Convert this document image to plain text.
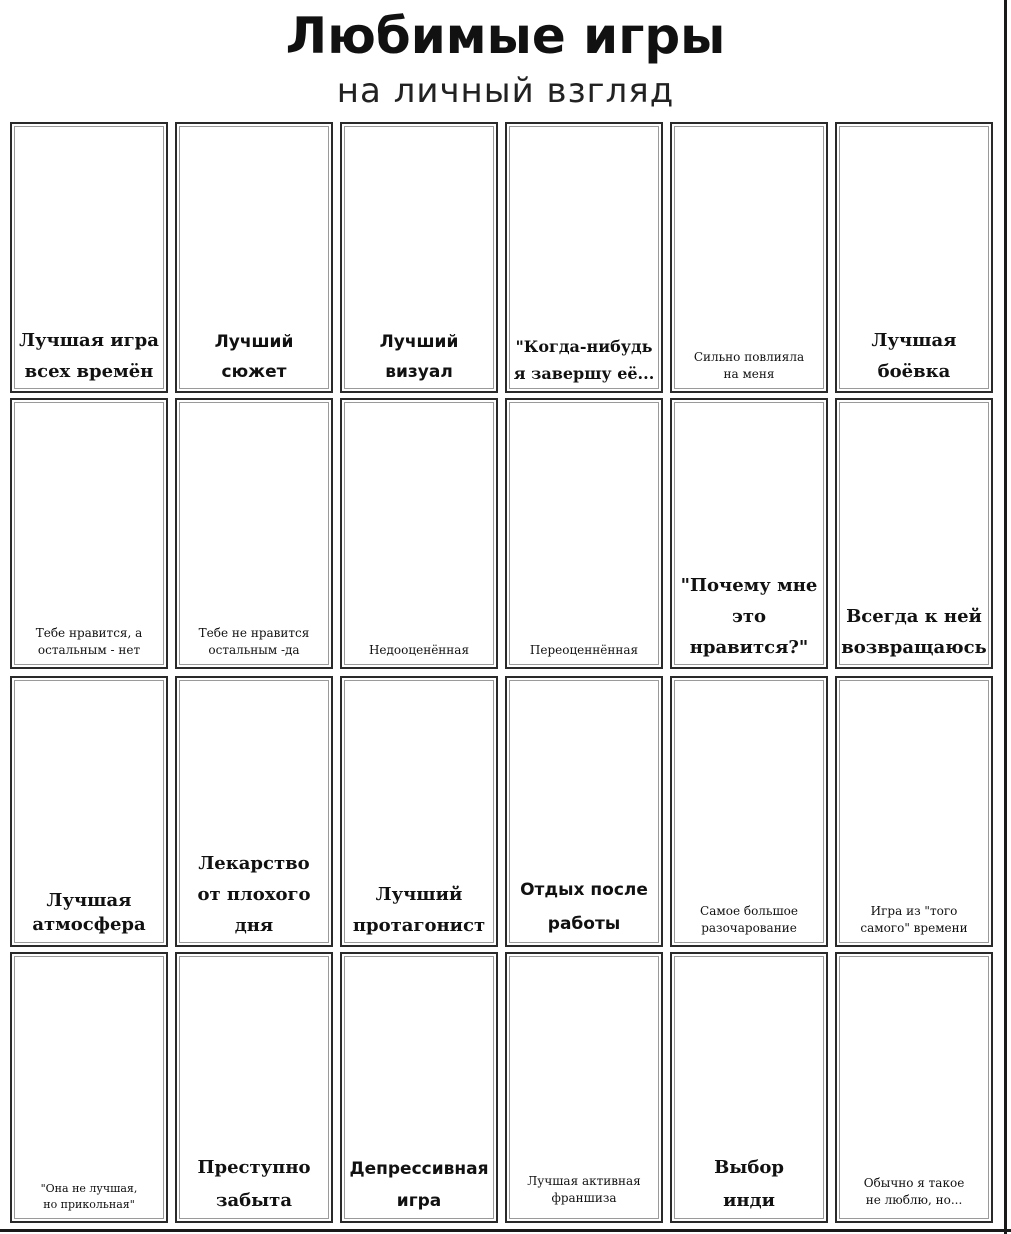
Любимые игры
на личный взгляд
Лучшая игра
всех времён
Лучший
сюжет
Лучший
визуал
"Когда-нибудь
я завершу её...
Сильно повлияла
на меня
Лучшая
боёвка
Тебе нравится, а
остальным - нет
Тебе не нравится
остальным -да	Недооценённая	Переоценнённая
"Почему мне
это нравится?"
Всегда к ней
возвращаюсь
Лучшая
атмосфера
Лекарство
от плохого дня
Лучший
протагонист
Отдых после
работы
Самое большое
разочарование
Игра из "того
самого" времени
"Она не лучшая,
но прикольная"
Преступно
забыта
Депрессивная
игра
Лучшая активная
франшиза
Выбор
инди
Обычно я такое
не люблю, но...
